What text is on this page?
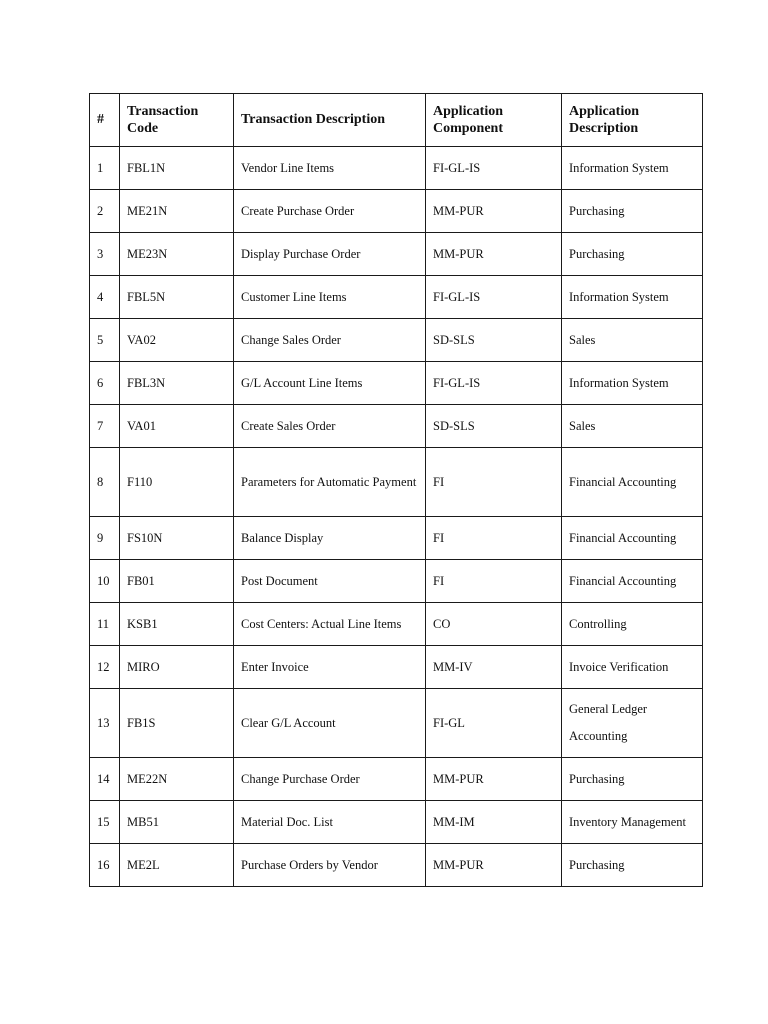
#	Transaction Code	Transaction Description	Application Component	Application Description
1	FBL1N	Vendor Line Items	FI-GL-IS	Information System
2	ME21N	Create Purchase Order	MM-PUR	Purchasing
3	ME23N	Display Purchase Order	MM-PUR	Purchasing
4	FBL5N	Customer Line Items	FI-GL-IS	Information System
5	VA02	Change Sales Order	SD-SLS	Sales
6	FBL3N	G/L Account Line Items	FI-GL-IS	Information System
7	VA01	Create Sales Order	SD-SLS	Sales
8	F110	Parameters for Automatic Payment	FI	Financial Accounting
9	FS10N	Balance Display	FI	Financial Accounting
10	FB01	Post Document	FI	Financial Accounting
11	KSB1	Cost Centers: Actual Line Items	CO	Controlling
12	MIRO	Enter Invoice	MM-IV	Invoice Verification
13	FB1S	Clear G/L Account	FI-GL	General Ledger Accounting
14	ME22N	Change Purchase Order	MM-PUR	Purchasing
15	MB51	Material Doc. List	MM-IM	Inventory Management
16	ME2L	Purchase Orders by Vendor	MM-PUR	Purchasing
